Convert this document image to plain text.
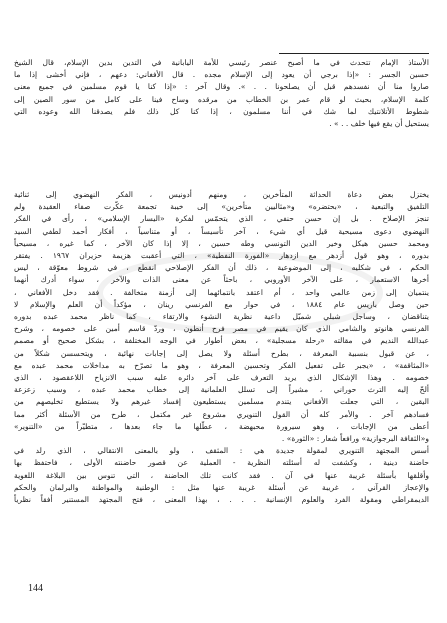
الأستاذ الإمام تتحدث في ما أصبح عنصر رئيسي للأمة اليابانية في التدين بدين الإسلام، قال الشيخ
حسين الجسر : «إذا برجي أن يعود إلى الإسلام مجده . قال الأفغاني: دعهم ، فإني أخشى إذا ما
صاروا منا أن نفسدهم قبل أن يصلحونا . . ». وقال آخر : «إذا كنا يا قوم مسلمين في جميع معنى
كلمة الإسلام، بحيث لو قام عمر بن الخطاب من مرقده وساح فينا على كامل من سور الصين إلى
شطوط الأتلانتيك لما شك في أننا مسلمون ، إذا كنا كل ذلك فلم يصدقنا الله وعوده التي
يستحيل أن يقع فيها خلف . . » .
يختزل بعض دعاة الحداثة المتأخرين ، ومنهم أدونيس ، الفكر النهضوي إلى ثنائية
التلفيق والتبعية ، «بحتضره» و«مثاليين متأخرين» إلى خيبة تجمعة عكّرت صفاء العقيدة ولم
تنجز الإصلاح . بل إن حسن حنفي ، الذي يتحمّس لفكرة «اليسار الإسلامي» ، رأى في الفكر
النهضوي دعوى مسيحية قيل أي شيء ، آخر تأسيساً ، أو متناسياً ، أفكار أحمد لطفي السيد
ومحمد حسين هيكل وخير الدين التونسي وطه حسين ، إلا إذا كان الآخر ، كما غيره ، مسيحياً
بدوره ، وهو قول أزدهر مع ازدهار «الفورة النفطية» ، التي أعقبت هزيمة حزيران ١٩٦٧ . يفتقر
الحكم ، في شكليه ، إلى الموضوعية ، ذلك أن الفكر الإصلاحي انقطع ، في شروط معوّقة ، ليس
أخرها الاستعمار ، على الآخر الأوروبي ، باحثاً عن معنى الذات والآخر ، سواء أدرك أنهما
ينتميان إلى زمن عالمي واحد ، أم اعتقد بانتمائهما إلى أزمنة متخالفة . فقد دخل الأفغاني ،
حين وصل باريس عام ١٨٨٤ ، في حوار مع الفرنسي رينان ، مؤكداً أن العلم والإسلام لا
يتناقضان ، وساجل شبلي شميّل داعية نظرية النشوء والارتقاء ، كما ناظر محمد عبده بدوره
الفرنسي هانوتو والشامي الذي كان يقيم في مصر فرح أنطون ، وردّ قاسم أمين على خصومه ، وشرح
عبدالله النديم في مقالته «رحلة مسجلية» ، بعض أطوار في الوجه المختلفة ، بشكل صحيح أو مصمم
، عن قبول بنسبية المعرفة ، بطرح أسئلة ولا يصل إلى إجابات نهائية ، ويتحسسن شكلاً من
«المثاقفة» ، «يجبر على تفعيل الفكر وتحسين المعرفة ، وهو ما تصرّح به مداخلات محمد عبده مع
خصومه . وهذا الإشكال الذي يريد التعرف على آخر دائره عليه سبب الانزياح اللاعقصود ، الذي
أُلحّ إليه الترث حوراني ، مشيراً إلى تسلل العلمانية إلى خطاب محمد عبده ، وسبب زعزعة
اليقين ، التي جعلت الأفغاني يتندم مسلمين يستطيعون إفساد غيرهم ولا يستطيع تخليصهم من
فسادهم آخر . والأمر كله أن القول التنويري مشروع غير مكتمل ، طرح من الأسئلة أكثر مما
أعطى من الإجابات ، وهو سيرورة محبهضة ، عطّلها ما جاء بعدها ، متطيّراً من «التنوير»
و«الثقافة البرجوازية» ورافعاً شعار : «الثورة» .
أسس المجتهد التنويري لمقولة جديدة هي : المثقف ، ولو بالمعنى الانتقالي ، الذي رلد في
حاضنة دينية ، وكشفت له أسئلته النظرية - العملية عن قصور حاضنته الأولى ، فاحتفظ بها
وأقلقها بأسئلة غريبة عنها في آن . فقد كانت تلك الحاضنة ، التي تنوس بين البلاغة اللغوية
والإعجاز القرآني ، غريبة عن أسئلة غريبة عنها مثل : الوطنية والمواطنة والبرلمان والحكم
الديمقراطي ومقولة الفرد والعلوم الإنسانية . . . ، بهذا المعنى ، فتح المجتهد المستنير أفقاً نظرياً
144
